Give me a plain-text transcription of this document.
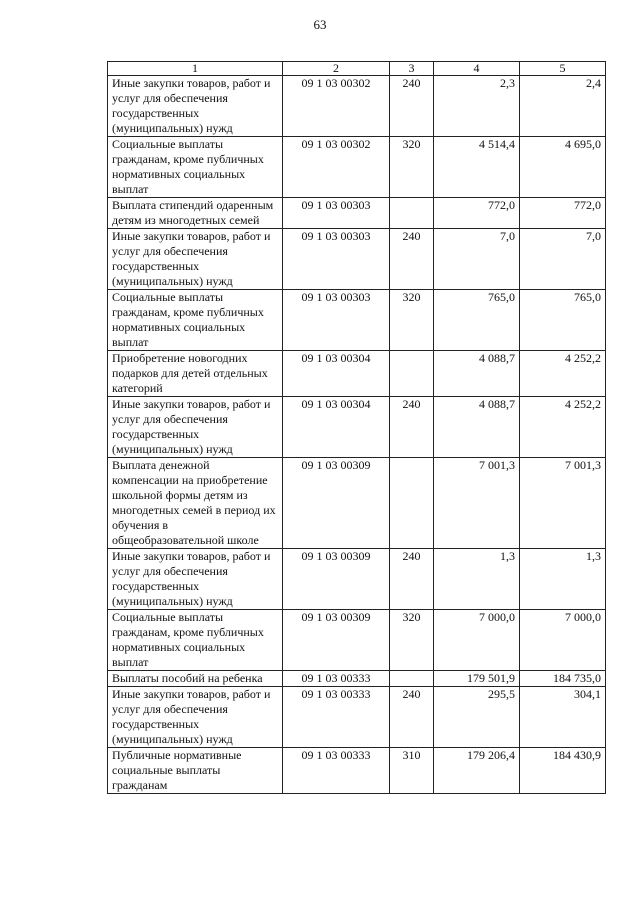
63
1	2	3	4	5
Иные закупки товаров, работ и услуг для обеспечения государственных (муниципальных) нужд	09 1 03 00302	240	2,3	2,4
Социальные выплаты гражданам, кроме публичных нормативных социальных выплат	09 1 03 00302	320	4 514,4	4 695,0
Выплата стипендий одаренным детям из многодетных семей	09 1 03 00303		772,0	772,0
Иные закупки товаров, работ и услуг для обеспечения государственных (муниципальных) нужд	09 1 03 00303	240	7,0	7,0
Социальные выплаты гражданам, кроме публичных нормативных социальных выплат	09 1 03 00303	320	765,0	765,0
Приобретение новогодних подарков для детей отдельных категорий	09 1 03 00304		4 088,7	4 252,2
Иные закупки товаров, работ и услуг для обеспечения государственных (муниципальных) нужд	09 1 03 00304	240	4 088,7	4 252,2
Выплата денежной компенсации на приобретение школьной формы детям из многодетных семей в период их обучения в общеобразовательной школе	09 1 03 00309		7 001,3	7 001,3
Иные закупки товаров, работ и услуг для обеспечения государственных (муниципальных) нужд	09 1 03 00309	240	1,3	1,3
Социальные выплаты гражданам, кроме публичных нормативных социальных выплат	09 1 03 00309	320	7 000,0	7 000,0
Выплаты пособий на ребенка	09 1 03 00333		179 501,9	184 735,0
Иные закупки товаров, работ и услуг для обеспечения государственных (муниципальных) нужд	09 1 03 00333	240	295,5	304,1
Публичные нормативные социальные выплаты гражданам	09 1 03 00333	310	179 206,4	184 430,9
